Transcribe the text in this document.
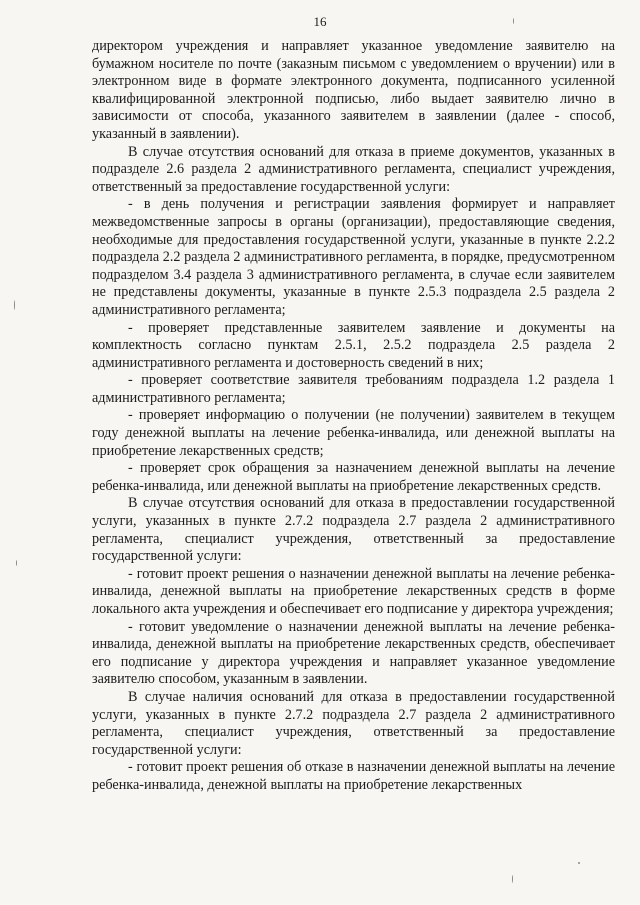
16

директором учреждения и направляет указанное уведомление заявителю на бумажном носителе по почте (заказным письмом с уведомлением о вручении) или в электронном виде в формате электронного документа, подписанного усиленной квалифицированной электронной подписью, либо выдает заявителю лично в зависимости от способа, указанного заявителем в заявлении (далее - способ, указанный в заявлении).

В случае отсутствия оснований для отказа в приеме документов, указанных в подразделе 2.6 раздела 2 административного регламента, специалист учреждения, ответственный за предоставление государственной услуги:

- в день получения и регистрации заявления формирует и направляет межведомственные запросы в органы (организации), предоставляющие сведения, необходимые для предоставления государственной услуги, указанные в пункте 2.2.2 подраздела 2.2 раздела 2 административного регламента, в порядке, предусмотренном подразделом 3.4 раздела 3 административного регламента, в случае если заявителем не представлены документы, указанные в пункте 2.5.3 подраздела 2.5 раздела 2 административного регламента;

- проверяет представленные заявителем заявление и документы на комплектность согласно пунктам 2.5.1, 2.5.2 подраздела 2.5 раздела 2 административного регламента и достоверность сведений в них;

- проверяет соответствие заявителя требованиям подраздела 1.2 раздела 1 административного регламента;

- проверяет информацию о получении (не получении) заявителем в текущем году денежной выплаты на лечение ребенка-инвалида, или денежной выплаты на приобретение лекарственных средств;

- проверяет срок обращения за назначением денежной выплаты на лечение ребенка-инвалида, или денежной выплаты на приобретение лекарственных средств.

В случае отсутствия оснований для отказа в предоставлении государственной услуги, указанных в пункте 2.7.2 подраздела 2.7 раздела 2 административного регламента, специалист учреждения, ответственный за предоставление государственной услуги:

- готовит проект решения о назначении денежной выплаты на лечение ребенка-инвалида, денежной выплаты на приобретение лекарственных средств в форме локального акта учреждения и обеспечивает его подписание у директора учреждения;

- готовит уведомление о назначении денежной выплаты на лечение ребенка-инвалида, денежной выплаты на приобретение лекарственных средств, обеспечивает его подписание у директора учреждения и направляет указанное уведомление заявителю способом, указанным в заявлении.

В случае наличия оснований для отказа в предоставлении государственной услуги, указанных в пункте 2.7.2 подраздела 2.7 раздела 2 административного регламента, специалист учреждения, ответственный за предоставление государственной услуги:

- готовит проект решения об отказе в назначении денежной выплаты на лечение ребенка-инвалида, денежной выплаты на приобретение лекарственных
